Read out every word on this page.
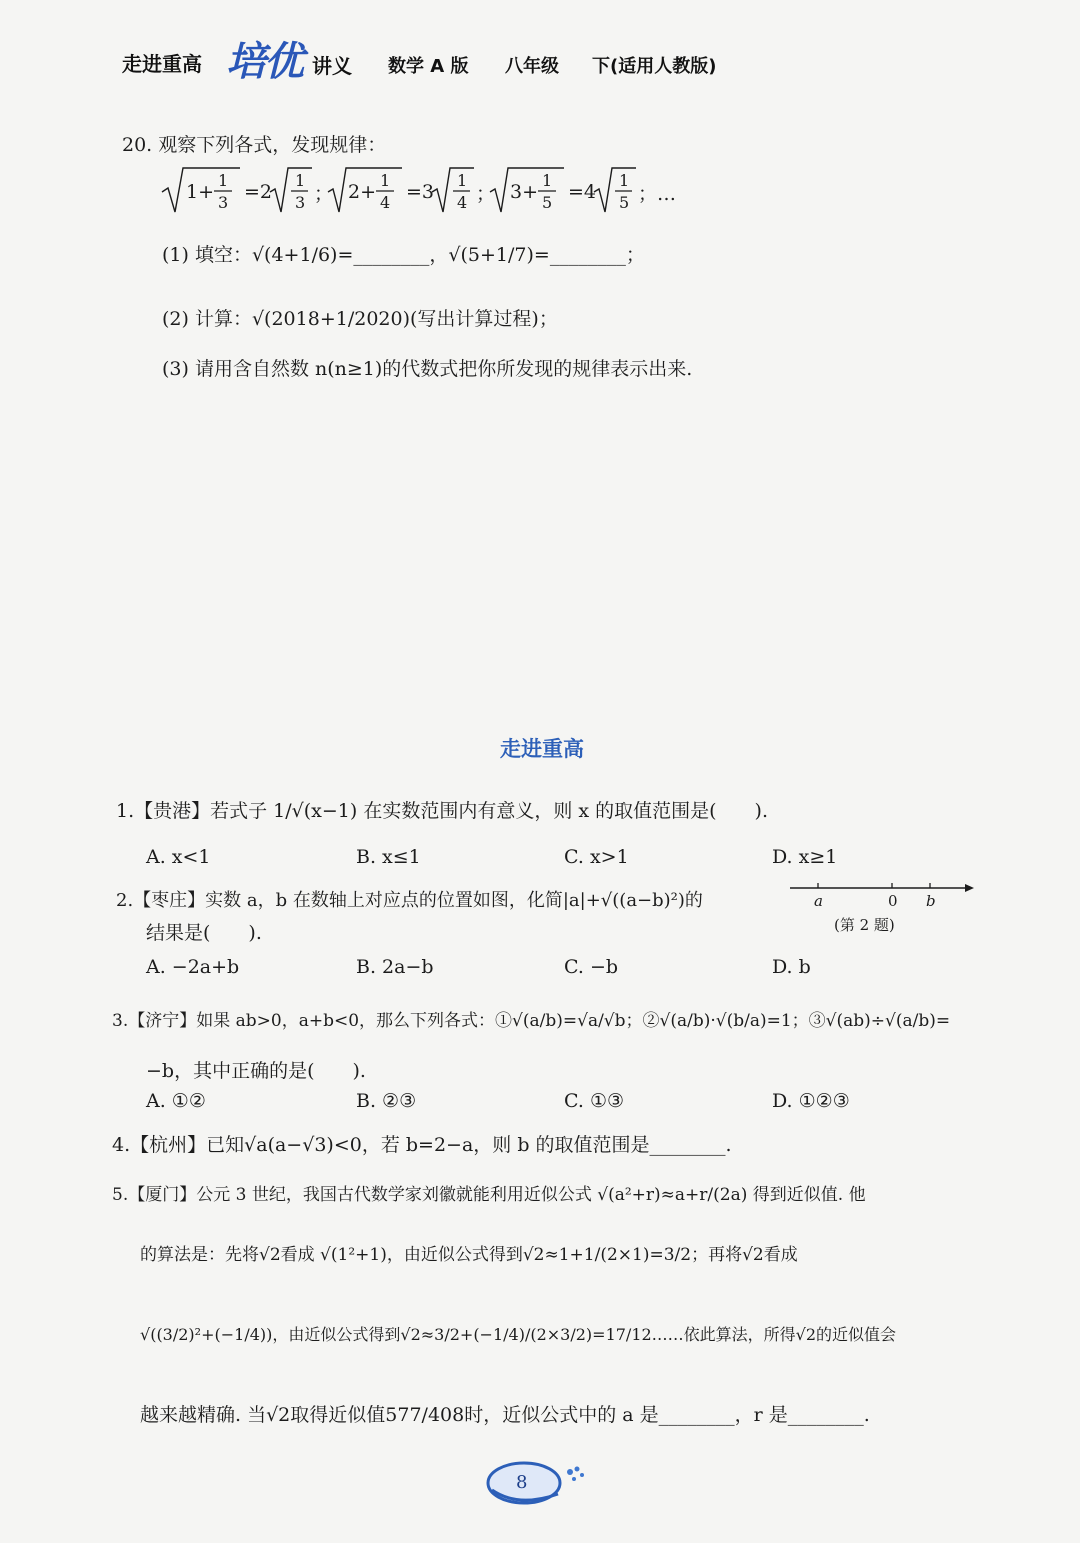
走进重高 培优 讲义 数学 A 版 八年级 下(适用人教版)
20. 观察下列各式，发现规律：
1+
1
3 =2
1
3 ； 2+
1
4 =3
1
4 ； 3+
1
5 =4
1
5 ；…
(1) 填空：√(4+1/6)=________，√(5+1/7)=________；
(2) 计算：√(2018+1/2020)(写出计算过程)；
(3) 请用含自然数 n(n≥1)的代数式把你所发现的规律表示出来.
走进重高
1.【贵港】若式子 1/√(x−1) 在实数范围内有意义，则 x 的取值范围是(　　).
A. x<1	B. x≤1	C. x>1	D. x≥1
2.【枣庄】实数 a，b 在数轴上对应点的位置如图，化简|a|+√((a−b)²)的
结果是(　　).
A. −2a+b	B. 2a−b	C. −b	D. b
a	0 b
(第 2 题)
3.【济宁】如果 ab>0，a+b<0，那么下列各式：①√(a/b)=√a/√b；②√(a/b)·√(b/a)=1；③√(ab)÷√(a/b)=
−b，其中正确的是(　　).
A. ①②	B. ②③	C. ①③	D. ①②③
4.【杭州】已知√a(a−√3)<0，若 b=2−a，则 b 的取值范围是________.
5.【厦门】公元 3 世纪，我国古代数学家刘徽就能利用近似公式 √(a²+r)≈a+r/(2a) 得到近似值. 他
的算法是：先将√2看成 √(1²+1)，由近似公式得到√2≈1+1/(2×1)=3/2；再将√2看成
√((3/2)²+(−1/4))，由近似公式得到√2≈3/2+(−1/4)/(2×3/2)=17/12……依此算法，所得√2的近似值会
越来越精确. 当√2取得近似值577/408时，近似公式中的 a 是________，r 是________.
8
